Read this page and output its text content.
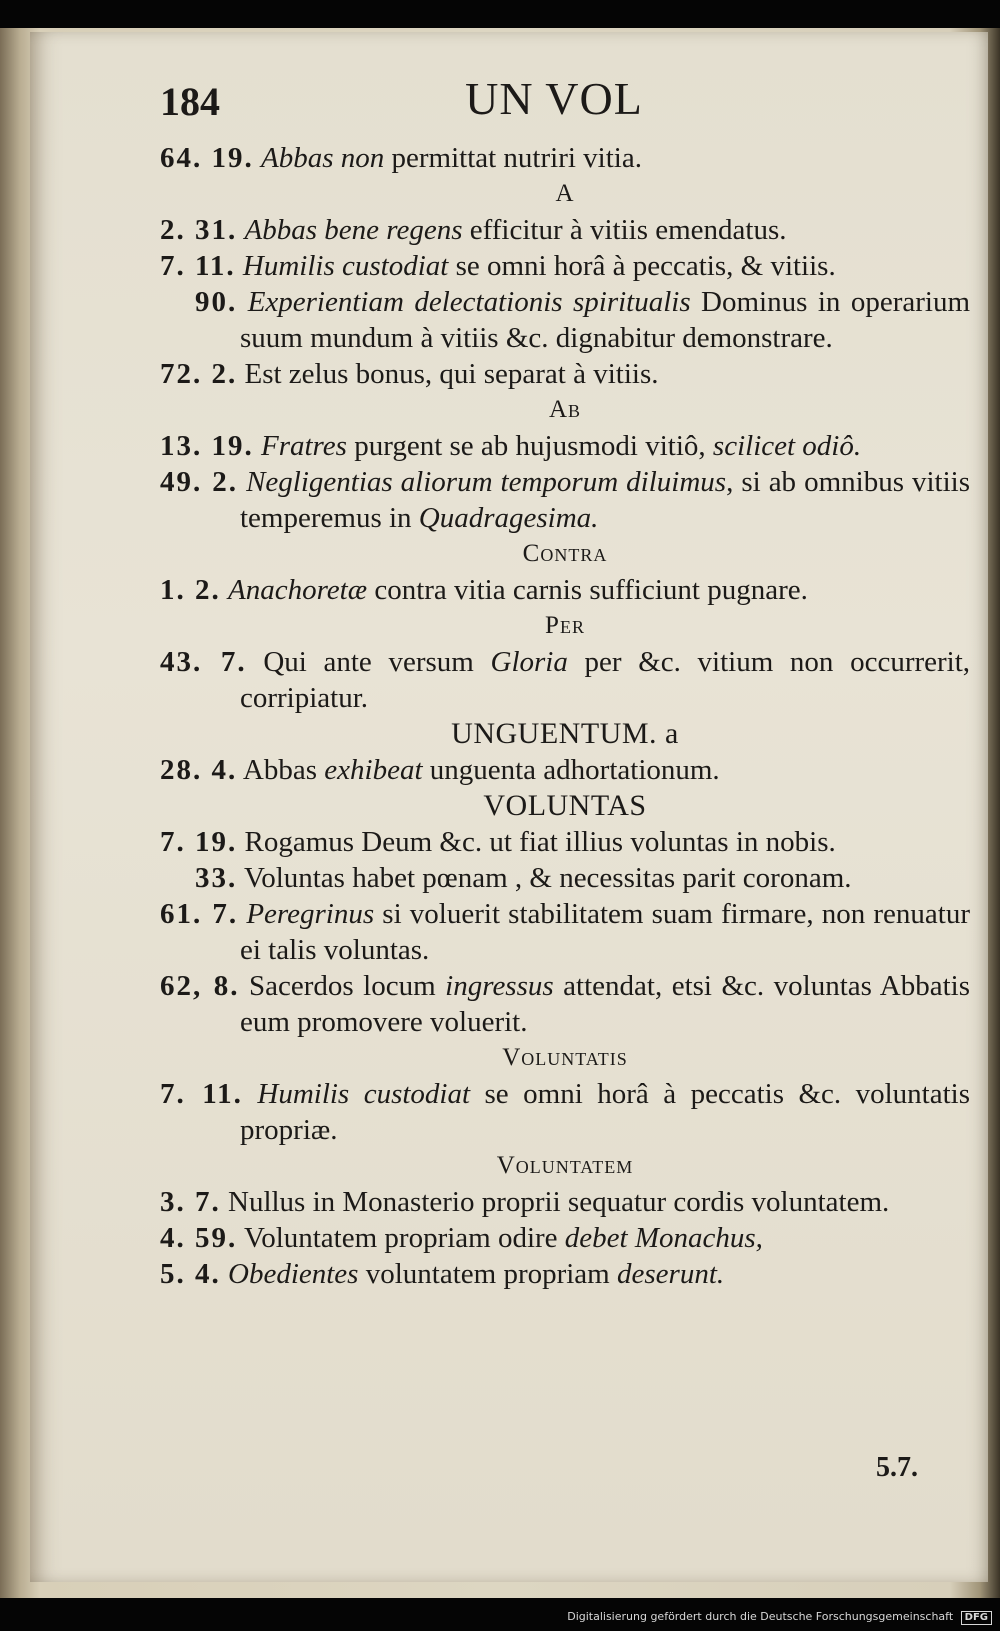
184	UN VOL
64. 19. Abbas non permittat nutriri vitia.
A
2. 31. Abbas bene regens efficitur à vitiis emendatus.
7. 11. Humilis custodiat se omni horâ à peccatis, & vitiis.
90. Experientiam delectationis spiritualis Dominus in operarium suum mundum à vitiis &c. dignabitur demonstrare.
72. 2. Est zelus bonus, qui separat à vitiis.
Ab
13. 19. Fratres purgent se ab hujusmodi vitiô, scilicet odiô.
49. 2. Negligentias aliorum temporum diluimus, si ab omnibus vitiis temperemus in Quadragesima.
Contra
1. 2. Anachoretæ contra vitia carnis sufficiunt pugnare.
Per
43. 7. Qui ante versum Gloria per &c. vitium non occurrerit, corripiatur.
UNGUENTUM. a
28. 4. Abbas exhibeat unguenta adhortationum.
VOLUNTAS
7. 19. Rogamus Deum &c. ut fiat illius voluntas in nobis.
33. Voluntas habet pœnam , & necessitas parit coronam.
61. 7. Peregrinus si voluerit stabilitatem suam firmare, non renuatur ei talis voluntas.
62, 8. Sacerdos locum ingressus attendat, etsi &c. voluntas Abbatis eum promovere voluerit.
Voluntatis
7. 11. Humilis custodiat se omni horâ à peccatis &c. voluntatis propriæ.
Voluntatem
3. 7. Nullus in Monasterio proprii sequatur cordis voluntatem.
4. 59. Voluntatem propriam odire debet Monachus,
5. 4. Obedientes voluntatem propriam deserunt.
5.7.
Digitalisierung gefördert durch die Deutsche Forschungsgemeinschaft DFG
